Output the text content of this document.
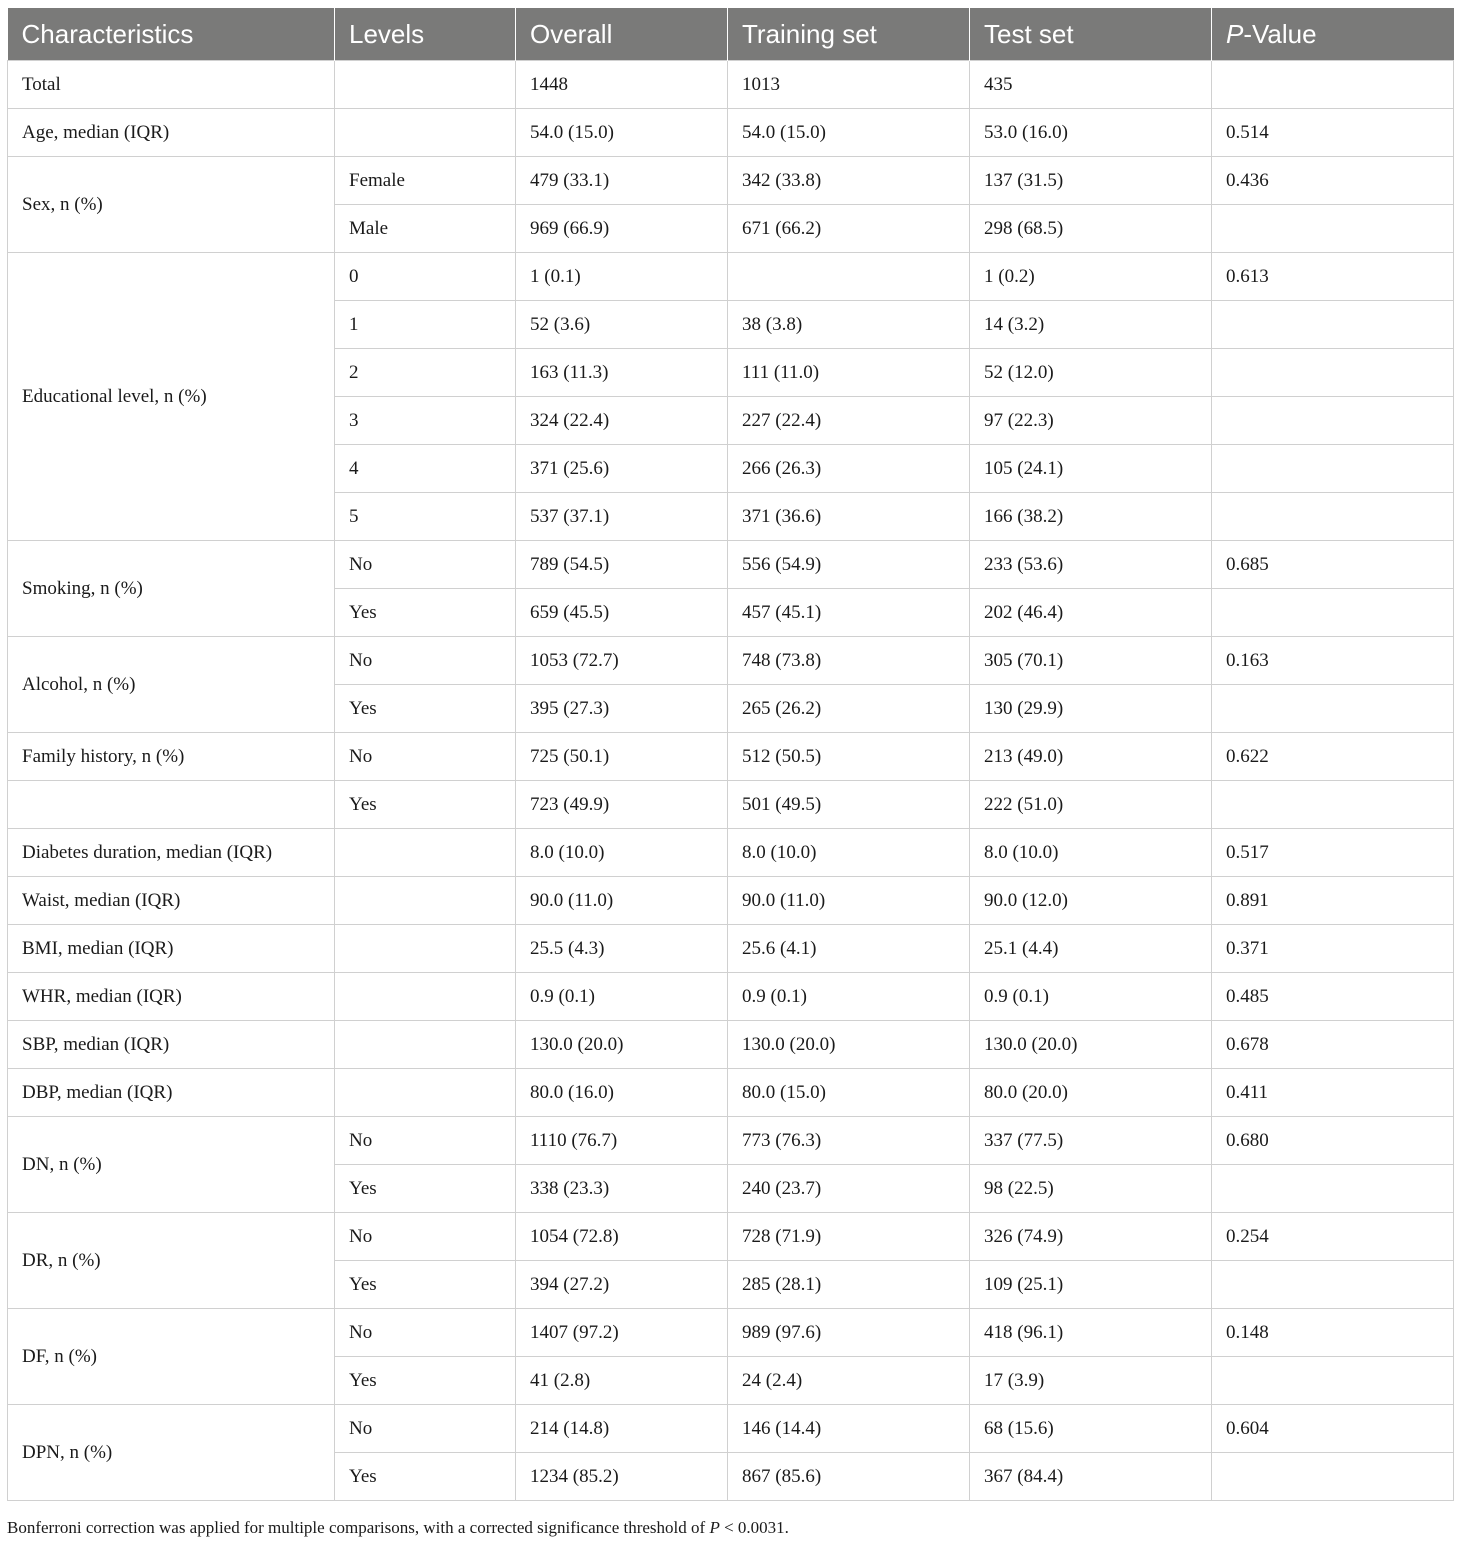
Characteristics	Levels	Overall	Training set	Test set	P-Value
Total		1448	1013	435	
Age, median (IQR)		54.0 (15.0)	54.0 (15.0)	53.0 (16.0)	0.514
Sex, n (%)	Female	479 (33.1)	342 (33.8)	137 (31.5)	0.436
	Male	969 (66.9)	671 (66.2)	298 (68.5)	
Educational level, n (%)	0	1 (0.1)		1 (0.2)	0.613
	1	52 (3.6)	38 (3.8)	14 (3.2)	
	2	163 (11.3)	111 (11.0)	52 (12.0)	
	3	324 (22.4)	227 (22.4)	97 (22.3)	
	4	371 (25.6)	266 (26.3)	105 (24.1)	
	5	537 (37.1)	371 (36.6)	166 (38.2)	
Smoking, n (%)	No	789 (54.5)	556 (54.9)	233 (53.6)	0.685
	Yes	659 (45.5)	457 (45.1)	202 (46.4)	
Alcohol, n (%)	No	1053 (72.7)	748 (73.8)	305 (70.1)	0.163
	Yes	395 (27.3)	265 (26.2)	130 (29.9)	
Family history, n (%)	No	725 (50.1)	512 (50.5)	213 (49.0)	0.622
	Yes	723 (49.9)	501 (49.5)	222 (51.0)	
Diabetes duration, median (IQR)		8.0 (10.0)	8.0 (10.0)	8.0 (10.0)	0.517
Waist, median (IQR)		90.0 (11.0)	90.0 (11.0)	90.0 (12.0)	0.891
BMI, median (IQR)		25.5 (4.3)	25.6 (4.1)	25.1 (4.4)	0.371
WHR, median (IQR)		0.9 (0.1)	0.9 (0.1)	0.9 (0.1)	0.485
SBP, median (IQR)		130.0 (20.0)	130.0 (20.0)	130.0 (20.0)	0.678
DBP, median (IQR)		80.0 (16.0)	80.0 (15.0)	80.0 (20.0)	0.411
DN, n (%)	No	1110 (76.7)	773 (76.3)	337 (77.5)	0.680
	Yes	338 (23.3)	240 (23.7)	98 (22.5)	
DR, n (%)	No	1054 (72.8)	728 (71.9)	326 (74.9)	0.254
	Yes	394 (27.2)	285 (28.1)	109 (25.1)	
DF, n (%)	No	1407 (97.2)	989 (97.6)	418 (96.1)	0.148
	Yes	41 (2.8)	24 (2.4)	17 (3.9)	
DPN, n (%)	No	214 (14.8)	146 (14.4)	68 (15.6)	0.604
	Yes	1234 (85.2)	867 (85.6)	367 (84.4)	
Bonferroni correction was applied for multiple comparisons, with a corrected significance threshold of P < 0.0031.
